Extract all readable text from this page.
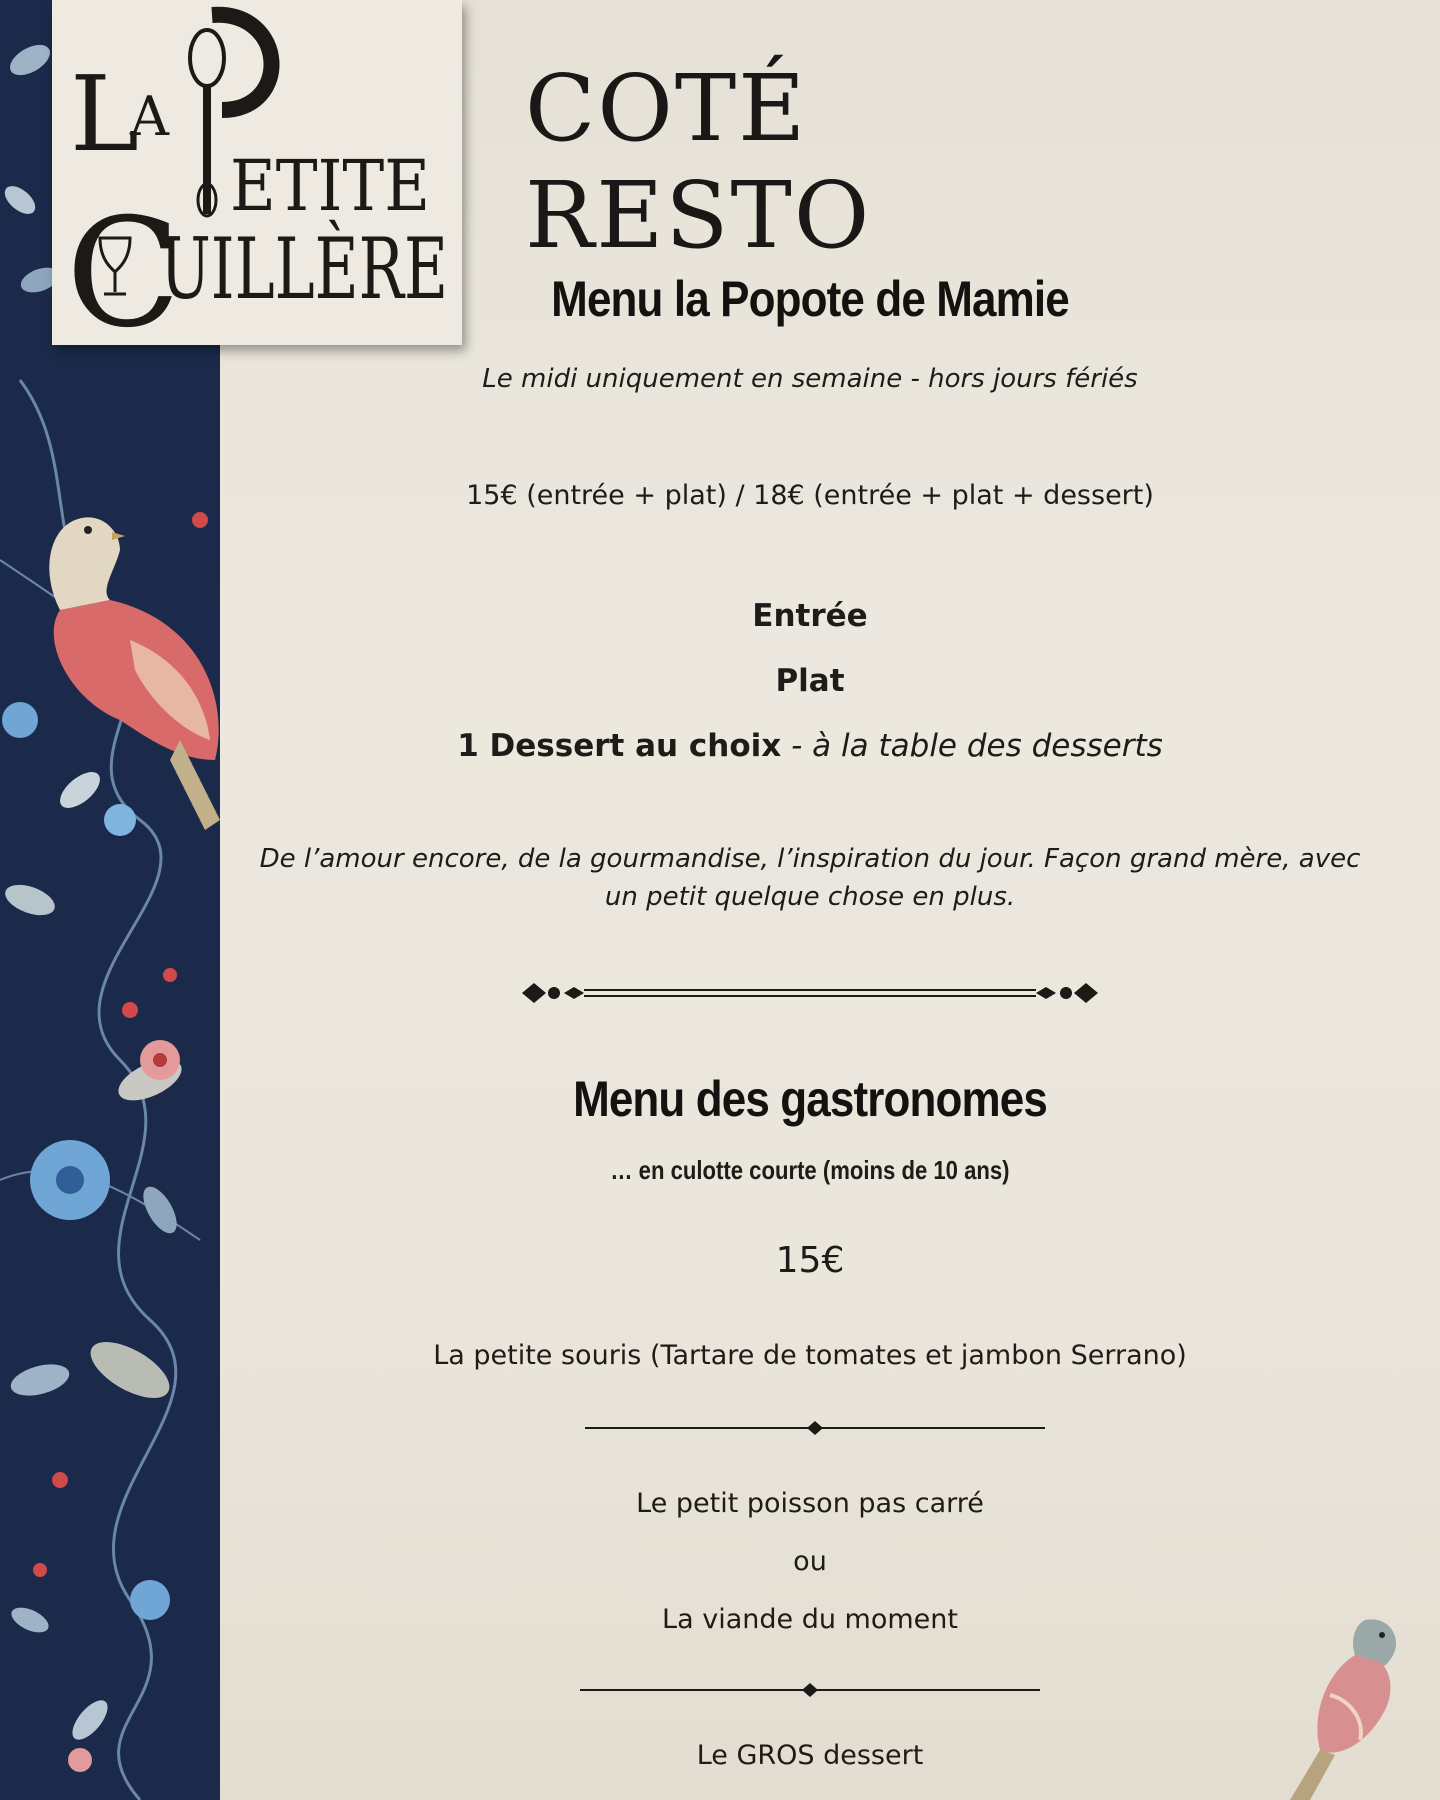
L
A
ETITE
C
UILLÈRE
COTÉ RESTO
Menu la Popote de Mamie
Le midi uniquement en semaine - hors jours fériés
15€ (entrée + plat) / 18€ (entrée + plat + dessert)
Entrée
Plat
1 Dessert au choix - à la table des desserts
De l’amour encore, de la gourmandise, l’inspiration du jour. Façon grand mère, avec
un petit quelque chose en plus.
Menu des gastronomes
… en culotte courte (moins de 10 ans)
15€
La petite souris (Tartare de tomates et jambon Serrano)
Le petit poisson pas carré
ou
La viande du moment
Le GROS dessert
